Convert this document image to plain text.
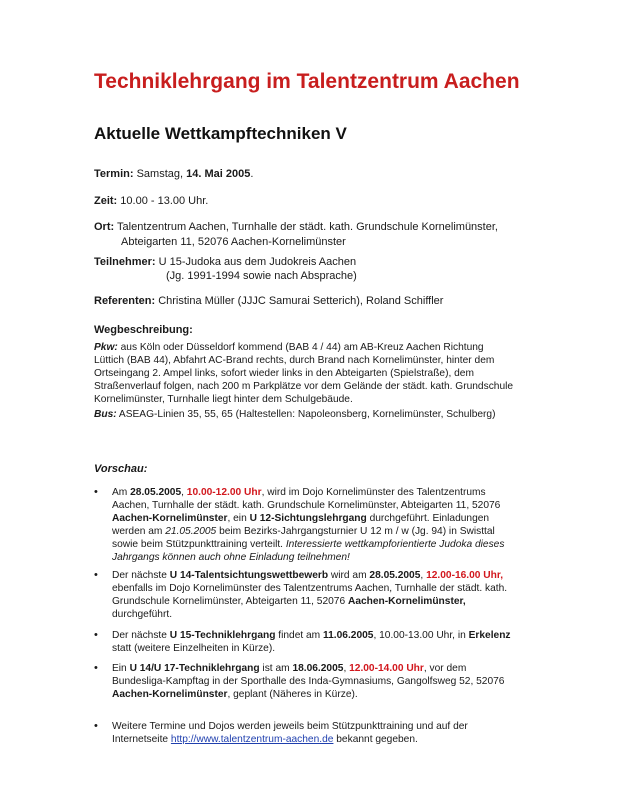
Techniklehrgang im Talentzentrum Aachen
Aktuelle Wettkampftechniken V
Termin: Samstag, 14. Mai 2005.
Zeit: 10.00 - 13.00 Uhr.
Ort: Talentzentrum Aachen, Turnhalle der städt. kath. Grundschule Kornelimünster,
Abteigarten 11, 52076 Aachen-Kornelimünster
Teilnehmer: U 15-Judoka aus dem Judokreis Aachen
(Jg. 1991-1994 sowie nach Absprache)
Referenten: Christina Müller (JJJC Samurai Setterich), Roland Schiffler
Wegbeschreibung:
Pkw: aus Köln oder Düsseldorf kommend (BAB 4 / 44) am AB-Kreuz Aachen Richtung
Lüttich (BAB 44), Abfahrt AC-Brand rechts, durch Brand nach Kornelimünster, hinter dem
Ortseingang 2. Ampel links, sofort wieder links in den Abteigarten (Spielstraße), dem
Straßenverlauf folgen, nach 200 m Parkplätze vor dem Gelände der städt. kath. Grundschule
Kornelimünster, Turnhalle liegt hinter dem Schulgebäude.
Bus: ASEAG-Linien 35, 55, 65 (Haltestellen: Napoleonsberg, Kornelimünster, Schulberg)
Vorschau:
• Am 28.05.2005, 10.00-12.00 Uhr, wird im Dojo Kornelimünster des Talentzentrums
Aachen, Turnhalle der städt. kath. Grundschule Kornelimünster, Abteigarten 11, 52076
Aachen-Kornelimünster, ein U 12-Sichtungslehrgang durchgeführt. Einladungen
werden am 21.05.2005 beim Bezirks-Jahrgangsturnier U 12 m / w (Jg. 94) in Swisttal
sowie beim Stützpunkttraining verteilt. Interessierte wettkampforientierte Judoka dieses
Jahrgangs können auch ohne Einladung teilnehmen!
• Der nächste U 14-Talentsichtungswettbewerb wird am 28.05.2005, 12.00-16.00 Uhr,
ebenfalls im Dojo Kornelimünster des Talentzentrums Aachen, Turnhalle der städt. kath.
Grundschule Kornelimünster, Abteigarten 11, 52076 Aachen-Kornelimünster,
durchgeführt.
• Der nächste U 15-Techniklehrgang findet am 11.06.2005, 10.00-13.00 Uhr, in Erkelenz
statt (weitere Einzelheiten in Kürze).
• Ein U 14/U 17-Techniklehrgang ist am 18.06.2005, 12.00-14.00 Uhr, vor dem
Bundesliga-Kampftag in der Sporthalle des Inda-Gymnasiums, Gangolfsweg 52, 52076
Aachen-Kornelimünster, geplant (Näheres in Kürze).
• Weitere Termine und Dojos werden jeweils beim Stützpunkttraining und auf der
Internetseite http://www.talentzentrum-aachen.de bekannt gegeben.
